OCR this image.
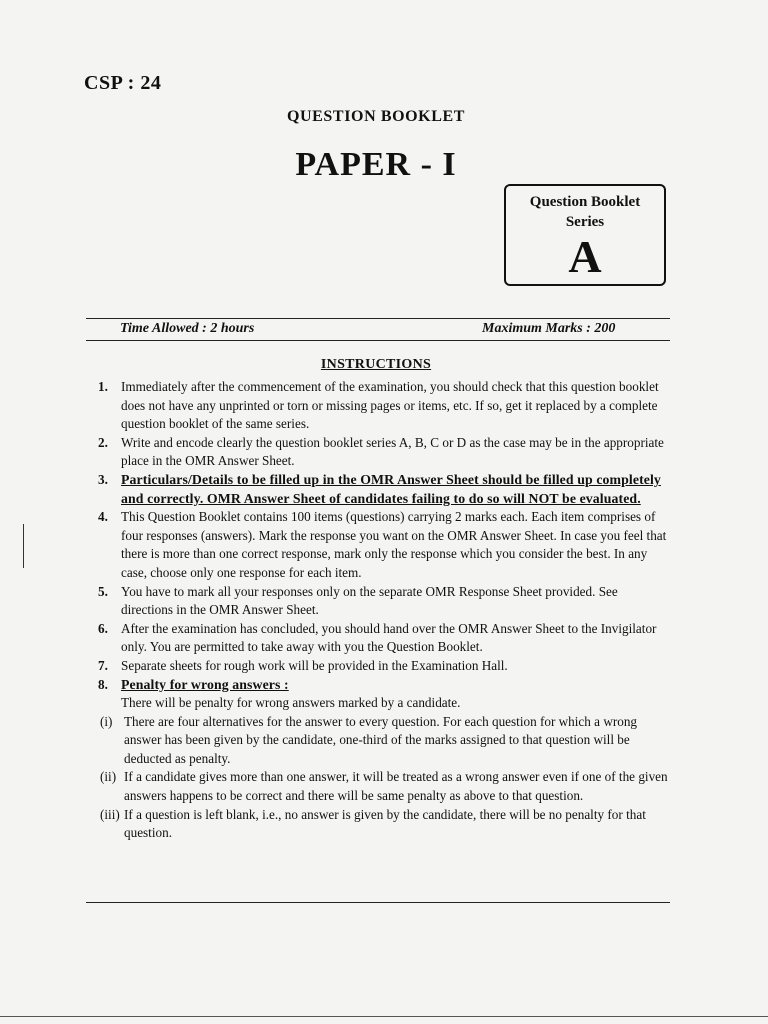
CSP : 24
QUESTION BOOKLET
PAPER - I
Question Booklet
Series
A
Time Allowed : 2 hours	Maximum Marks : 200
INSTRUCTIONS
1. Immediately after the commencement of the examination, you should check that this question booklet does not have any unprinted or torn or missing pages or items, etc. If so, get it replaced by a complete question booklet of the same series.
2. Write and encode clearly the question booklet series A, B, C or D as the case may be in the appropriate place in the OMR Answer Sheet.
3. Particulars/Details to be filled up in the OMR Answer Sheet should be filled up completely and correctly. OMR Answer Sheet of candidates failing to do so will NOT be evaluated.
4. This Question Booklet contains 100 items (questions) carrying 2 marks each. Each item comprises of four responses (answers). Mark the response you want on the OMR Answer Sheet. In case you feel that there is more than one correct response, mark only the response which you consider the best. In any case, choose only one response for each item.
5. You have to mark all your responses only on the separate OMR Response Sheet provided. See directions in the OMR Answer Sheet.
6. After the examination has concluded, you should hand over the OMR Answer Sheet to the Invigilator only. You are permitted to take away with you the Question Booklet.
7. Separate sheets for rough work will be provided in the Examination Hall.
8. Penalty for wrong answers :
There will be penalty for wrong answers marked by a candidate.
(i) There are four alternatives for the answer to every question. For each question for which a wrong answer has been given by the candidate, one-third of the marks assigned to that question will be deducted as penalty.
(ii) If a candidate gives more than one answer, it will be treated as a wrong answer even if one of the given answers happens to be correct and there will be same penalty as above to that question.
(iii) If a question is left blank, i.e., no answer is given by the candidate, there will be no penalty for that question.
